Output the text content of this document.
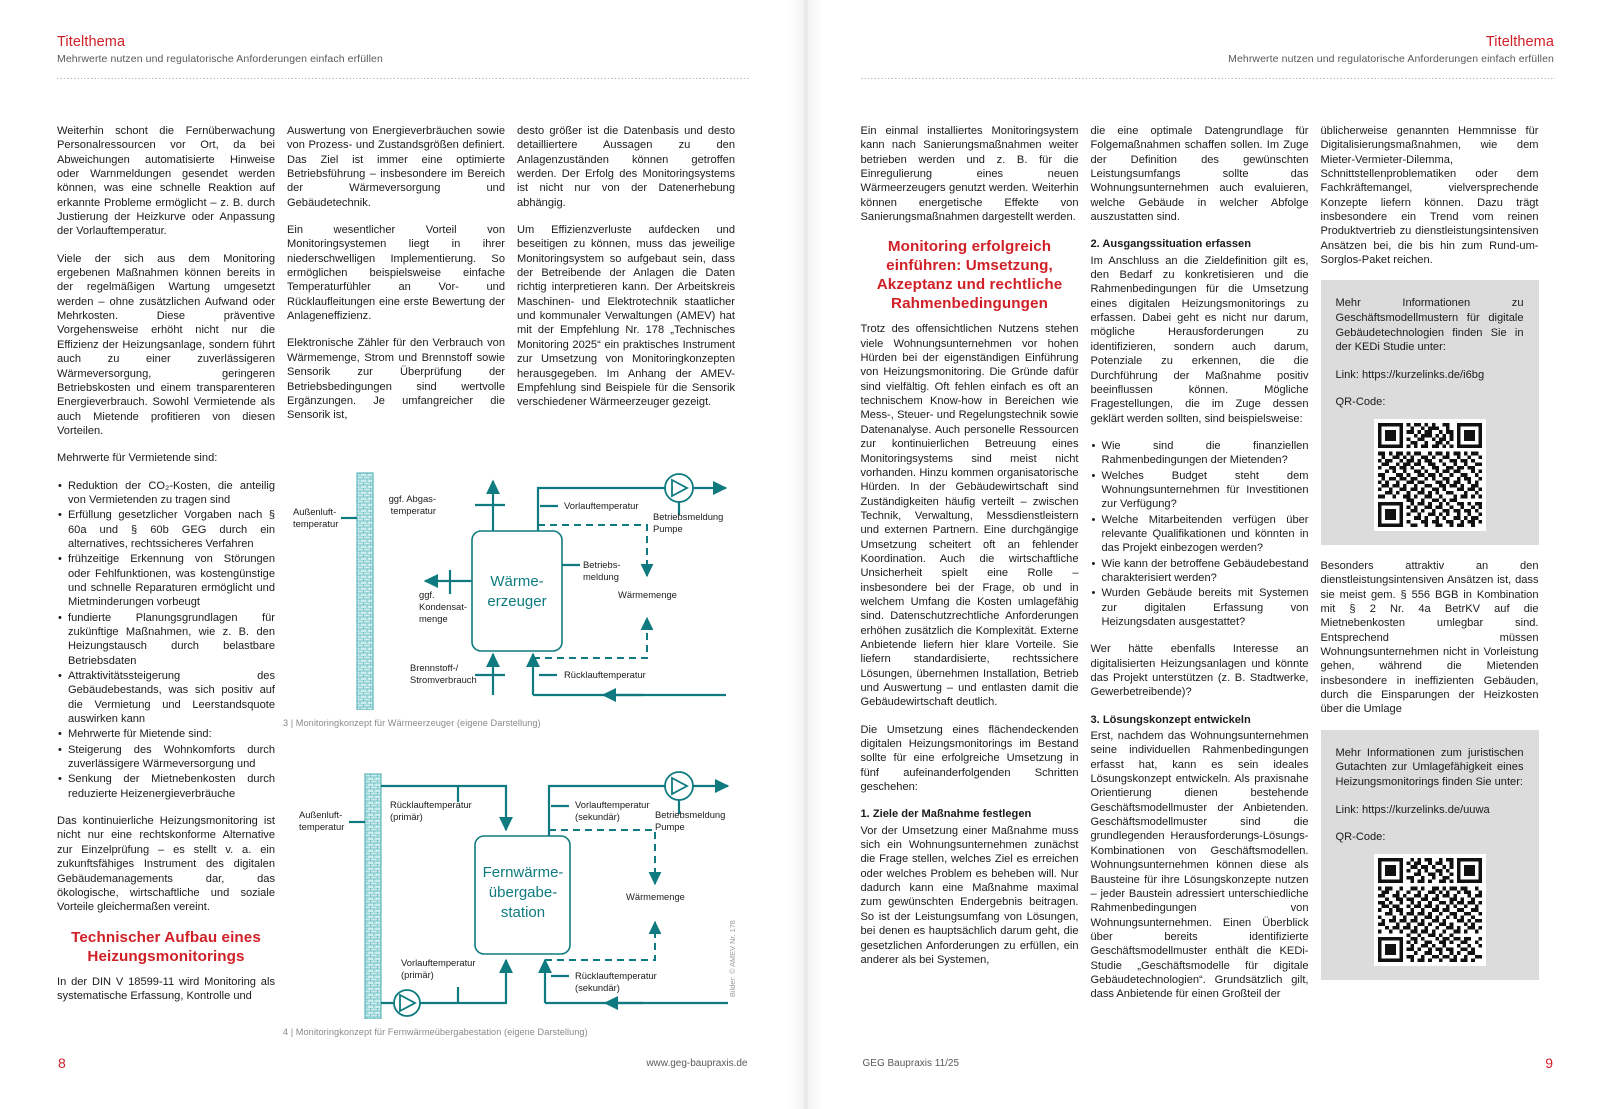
Titelthema
Mehrwerte nutzen und regulatorische Anforderungen einfach erfüllen

Weiterhin schont die Fernüberwachung Personalressourcen vor Ort, da bei Abweichungen automatisierte Hinweise oder Warnmeldungen gesendet werden können, was eine schnelle Reaktion auf erkannte Probleme ermöglicht – z. B. durch Justierung der Heizkurve oder Anpassung der Vorlauftemperatur.

Viele der sich aus dem Monitoring ergebenen Maßnahmen können bereits in der regelmäßigen Wartung umgesetzt werden – ohne zusätzlichen Aufwand oder Mehrkosten. Diese präventive Vorgehensweise erhöht nicht nur die Effizienz der Heizungsanlage, sondern führt auch zu einer zuverlässigeren Wärmeversorgung, geringeren Betriebskosten und einem transparenteren Energieverbrauch. Sowohl Vermietende als auch Mietende profitieren von diesen Vorteilen.

Mehrwerte für Vermietende sind:

• Reduktion der CO₂-Kosten, die anteilig von Vermietenden zu tragen sind
• Erfüllung gesetzlicher Vorgaben nach § 60a und § 60b GEG durch ein alternatives, rechtssicheres Verfahren
• frühzeitige Erkennung von Störungen oder Fehlfunktionen, was kostengünstige und schnelle Reparaturen ermöglicht und Mietminderungen vorbeugt
• fundierte Planungsgrundlagen für zukünftige Maßnahmen, wie z. B. den Heizungstausch durch belastbare Betriebsdaten
• Attraktivitätssteigerung des Gebäudebestands, was sich positiv auf die Vermietung und Leerstandsquote auswirken kann
• Mehrwerte für Mietende sind:
• Steigerung des Wohnkomforts durch zuverlässigere Wärmeversorgung und
• Senkung der Mietnebenkosten durch reduzierte Heizenergieverbräuche

Das kontinuierliche Heizungsmonitoring ist nicht nur eine rechtskonforme Alternative zur Einzelprüfung – es stellt v. a. ein zukunftsfähiges Instrument des digitalen Gebäudemanagements dar, das ökologische, wirtschaftliche und soziale Vorteile gleichermaßen vereint.

Technischer Aufbau eines Heizungsmonitorings

In der DIN V 18599-11 wird Monitoring als systematische Erfassung, Kontrolle und

Auswertung von Energieverbräuchen sowie von Prozess- und Zustandsgrößen definiert. Das Ziel ist immer eine optimierte Betriebsführung – insbesondere im Bereich der Wärmeversorgung und Gebäudetechnik.

Ein wesentlicher Vorteil von Monitoringsystemen liegt in ihrer niederschwelligen Implementierung. So ermöglichen beispielsweise einfache Temperaturfühler an Vor- und Rücklaufleitungen eine erste Bewertung der Anlageneffizienz.

Elektronische Zähler für den Verbrauch von Wärmemenge, Strom und Brennstoff sowie Sensorik zur Überprüfung der Betriebsbedingungen sind wertvolle Ergänzungen. Je umfangreicher die Sensorik ist,

desto größer ist die Datenbasis und desto detailliertere Aussagen zu den Anlagenzuständen können getroffen werden. Der Erfolg des Monitoringsystems ist nicht nur von der Datenerhebung abhängig.

Um Effizienzverluste aufdecken und beseitigen zu können, muss das jeweilige Monitoringsystem so aufgebaut sein, dass der Betreibende der Anlagen die Daten richtig interpretieren kann. Der Arbeitskreis Maschinen- und Elektrotechnik staatlicher und kommunaler Verwaltungen (AMEV) hat mit der Empfehlung Nr. 178 „Technisches Monitoring 2025“ ein praktisches Instrument zur Umsetzung von Monitoringkonzepten herausgegeben. Im Anhang der AMEV-Empfehlung sind Beispiele für die Sensorik verschiedener Wärmeerzeuger gezeigt.

Außenluft-
temperatur
ggf. Abgas-
temperatur
ggf.
Kondensat-
menge
Brennstoff-/
Stromverbrauch
Vorlauftemperatur
Rücklauftemperatur
Betriebs-
meldung
Betriebsmeldung
Pumpe
Wärmemenge
Wärme-
erzeuger
3 | Monitoringkonzept für Wärmeerzeuger (eigene Darstellung)
Außenluft-
temperatur
Rücklauftemperatur
(primär)
Vorlauftemperatur
(primär)
Vorlauftemperatur
(sekundär)
Rücklauftemperatur
(sekundär)
Betriebsmeldung
Pumpe
Wärmemenge
Fernwärme-
übergabe-
station
4 | Monitoringkonzept für Fernwärmeübergabestation (eigene Darstellung)
Bilder: © AMEV Nr. 178
8	www.geg-baupraxis.de
Titelthema
Mehrwerte nutzen und regulatorische Anforderungen einfach erfüllen

Ein einmal installiertes Monitoringsystem kann nach Sanierungsmaßnahmen weiter betrieben werden und z. B. für die Einregulierung eines neuen Wärmeerzeugers genutzt werden. Weiterhin können energetische Effekte von Sanierungsmaßnahmen dargestellt werden.

Monitoring erfolgreich einführen: Umsetzung, Akzeptanz und rechtliche Rahmenbedingungen

Trotz des offensichtlichen Nutzens stehen viele Wohnungsunternehmen vor hohen Hürden bei der eigenständigen Einführung von Heizungsmonitoring. Die Gründe dafür sind vielfältig. Oft fehlen einfach es oft an technischem Know-how in Bereichen wie Mess-, Steuer- und Regelungstechnik sowie Datenanalyse. Auch personelle Ressourcen zur kontinuierlichen Betreuung eines Monitoringsystems sind meist nicht vorhanden. Hinzu kommen organisatorische Hürden. In der Gebäudewirtschaft sind Zuständigkeiten häufig verteilt – zwischen Technik, Verwaltung, Messdienstleistern und externen Partnern. Eine durchgängige Umsetzung scheitert oft an fehlender Koordination. Auch die wirtschaftliche Unsicherheit spielt eine Rolle – insbesondere bei der Frage, ob und in welchem Umfang die Kosten umlagefähig sind. Datenschutzrechtliche Anforderungen erhöhen zusätzlich die Komplexität. Externe Anbietende liefern hier klare Vorteile. Sie liefern standardisierte, rechtssichere Lösungen, übernehmen Installation, Betrieb und Auswertung – und entlasten damit die Gebäudewirtschaft deutlich.

Die Umsetzung eines flächendeckenden digitalen Heizungsmonitorings im Bestand sollte für eine erfolgreiche Umsetzung in fünf aufeinanderfolgenden Schritten geschehen:

1. Ziele der Maßnahme festlegen

Vor der Umsetzung einer Maßnahme muss sich ein Wohnungsunternehmen zunächst die Frage stellen, welches Ziel es erreichen oder welches Problem es beheben will. Nur dadurch kann eine Maßnahme maximal zum gewünschten Endergebnis beitragen. So ist der Leistungsumfang von Lösungen, bei denen es hauptsächlich darum geht, die gesetzlichen Anforderungen zu erfüllen, ein anderer als bei Systemen,

die eine optimale Datengrundlage für Folgemaßnahmen schaffen sollen. Im Zuge der Definition des gewünschten Leistungsumfangs sollte das Wohnungsunternehmen auch evaluieren, welche Gebäude in welcher Abfolge auszustatten sind.

2. Ausgangssituation erfassen

Im Anschluss an die Zieldefinition gilt es, den Bedarf zu konkretisieren und die Rahmenbedingungen für die Umsetzung eines digitalen Heizungsmonitorings zu erfassen. Dabei geht es nicht nur darum, mögliche Herausforderungen zu identifizieren, sondern auch darum, Potenziale zu erkennen, die die Durchführung der Maßnahme positiv beeinflussen können. Mögliche Fragestellungen, die im Zuge dessen geklärt werden sollten, sind beispielsweise:

• Wie sind die finanziellen Rahmenbedingungen der Mietenden?
• Welches Budget steht dem Wohnungsunternehmen für Investitionen zur Verfügung?
• Welche Mitarbeitenden verfügen über relevante Qualifikationen und könnten in das Projekt einbezogen werden?
• Wie kann der betroffene Gebäudebestand charakterisiert werden?
• Wurden Gebäude bereits mit Systemen zur digitalen Erfassung von Heizungsdaten ausgestattet?

Wer hätte ebenfalls Interesse an digitalisierten Heizungsanlagen und könnte das Projekt unterstützen (z. B. Stadtwerke, Gewerbetreibende)?

3. Lösungskonzept entwickeln

Erst, nachdem das Wohnungsunternehmen seine individuellen Rahmenbedingungen erfasst hat, kann es sein ideales Lösungskonzept entwickeln. Als praxisnahe Orientierung dienen bestehende Geschäftsmodellmuster der Anbietenden. Geschäftsmodellmuster sind die grundlegenden Herausforderungs-Lösungs-Kombinationen von Geschäftsmodellen. Wohnungsunternehmen können diese als Bausteine für ihre Lösungskonzepte nutzen – jeder Baustein adressiert unterschiedliche Rahmenbedingungen von Wohnungsunternehmen. Einen Überblick über bereits identifizierte Geschäftsmodellmuster enthält die KEDi-Studie „Geschäftsmodelle für digitale Gebäudetechnologien“. Grundsätzlich gilt, dass Anbietende für einen Großteil der

üblicherweise genannten Hemmnisse für Digitalisierungsmaßnahmen, wie dem Mieter-Vermieter-Dilemma, Schnittstellenproblematiken oder dem Fachkräftemangel, vielversprechende Konzepte liefern können. Dazu trägt insbesondere ein Trend vom reinen Produktvertrieb zu dienstleistungsintensiven Ansätzen bei, die bis hin zum Rund-um-Sorglos-Paket reichen.

Mehr Informationen zu Geschäftsmodellmustern für digitale Gebäudetechnologien finden Sie in der KEDi Studie unter:

Link: https://kurzelinks.de/i6bg

QR-Code:

Besonders attraktiv an den dienstleistungsintensiven Ansätzen ist, dass sie meist gem. § 556 BGB in Kombination mit § 2 Nr. 4a BetrKV auf die Mietnebenkosten umlegbar sind. Entsprechend müssen Wohnungsunternehmen nicht in Vorleistung gehen, während die Mietenden insbesondere in ineffizienten Gebäuden, durch die Einsparungen der Heizkosten über die Umlage

Mehr Informationen zum juristischen Gutachten zur Umlagefähigkeit eines Heizungsmonitorings finden Sie unter:

Link: https://kurzelinks.de/uuwa

QR-Code:

9
GEG Baupraxis 11/25
